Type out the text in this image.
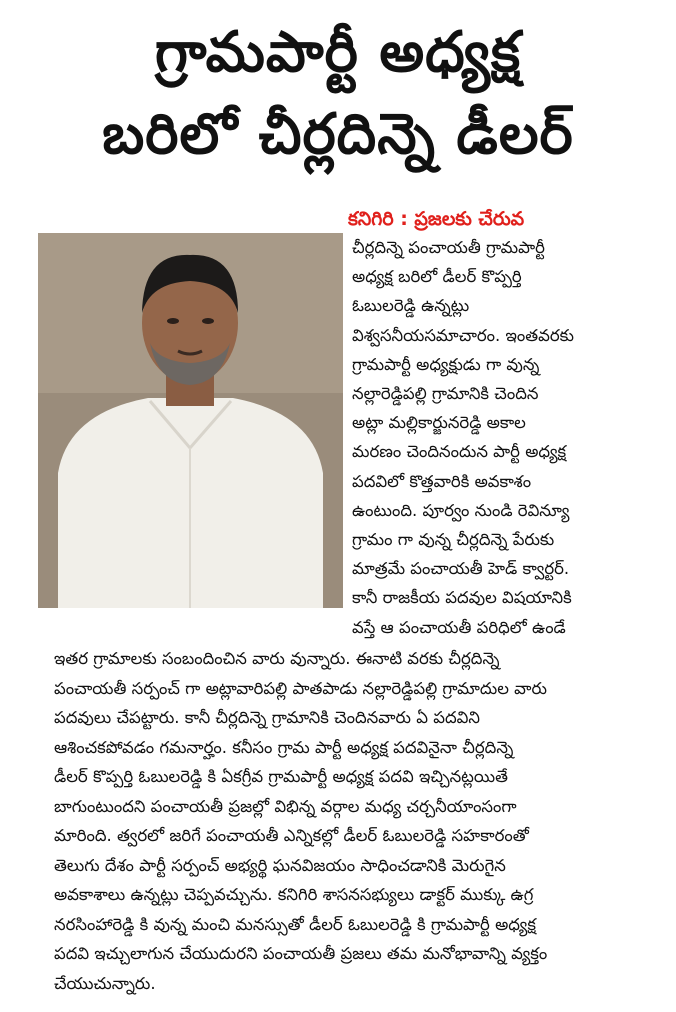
గ్రామపార్టీ అధ్యక్ష
బరిలో చీర్లదిన్నె డీలర్
కనిగిరి : ప్రజలకు చేరువ
చీర్లదిన్నె పంచాయతీ గ్రామపార్టీ
అధ్యక్ష బరిలో డీలర్ కొప్పర్తి
ఓబులరెడ్డి ఉన్నట్లు
విశ్వసనీయసమాచారం. ఇంతవరకు
గ్రామపార్టీ అధ్యక్షుడు గా వున్న
నల్లారెడ్డిపల్లి గ్రామానికి చెందిన
అట్లా మల్లికార్జునరెడ్డి అకాల
మరణం చెందినందున పార్టీ అధ్యక్ష
పదవిలో కొత్తవారికి అవకాశం
ఉంటుంది. పూర్వం నుండి రెవిన్యూ
గ్రామం గా వున్న చీర్లదిన్నె పేరుకు
మాత్రమే పంచాయతీ హెడ్ క్వార్టర్.
కానీ రాజకీయ పదవుల విషయానికి
వస్తే ఆ పంచాయతీ పరిధిలో ఉండే
ఇతర గ్రామాలకు సంబందించిన వారు వున్నారు. ఈనాటి వరకు చీర్లదిన్నె
పంచాయతీ సర్పంచ్ గా అట్లావారిపల్లి పాతపాడు నల్లారెడ్డిపల్లి గ్రామాదుల వారు
పదవులు చేపట్టారు. కానీ చీర్లదిన్నె గ్రామానికి చెందినవారు ఏ పదవిని
ఆశించకపోవడం గమనార్హం. కనీసం గ్రామ పార్టీ అధ్యక్ష పదవినైనా చీర్లదిన్నె
డీలర్ కొప్పర్తి ఓబులరెడ్డి కి ఏకగ్రీవ గ్రామపార్టీ అధ్యక్ష పదవి ఇచ్చినట్లయితే
బాగుంటుందని పంచాయతీ ప్రజల్లో విభిన్న వర్గాల మధ్య చర్చనీయాంసంగా
మారింది. త్వరలో జరిగే పంచాయతీ ఎన్నికల్లో డీలర్ ఓబులరెడ్డి సహకారంతో
తెలుగు దేశం పార్టీ సర్పంచ్ అభ్యర్థి ఘనవిజయం సాధించడానికి మెరుగైన
అవకాశాలు ఉన్నట్లు చెప్పవచ్చును. కనిగిరి శాసనసభ్యులు డాక్టర్ ముక్కు ఉగ్ర
నరసింహారెడ్డి కి వున్న మంచి మనస్సుతో డీలర్ ఓబులరెడ్డి కి గ్రామపార్టీ అధ్యక్ష
పదవి ఇచ్చులాగున చేయుదురని పంచాయతీ ప్రజలు తమ మనోభావాన్ని వ్యక్తం
చేయుచున్నారు.
